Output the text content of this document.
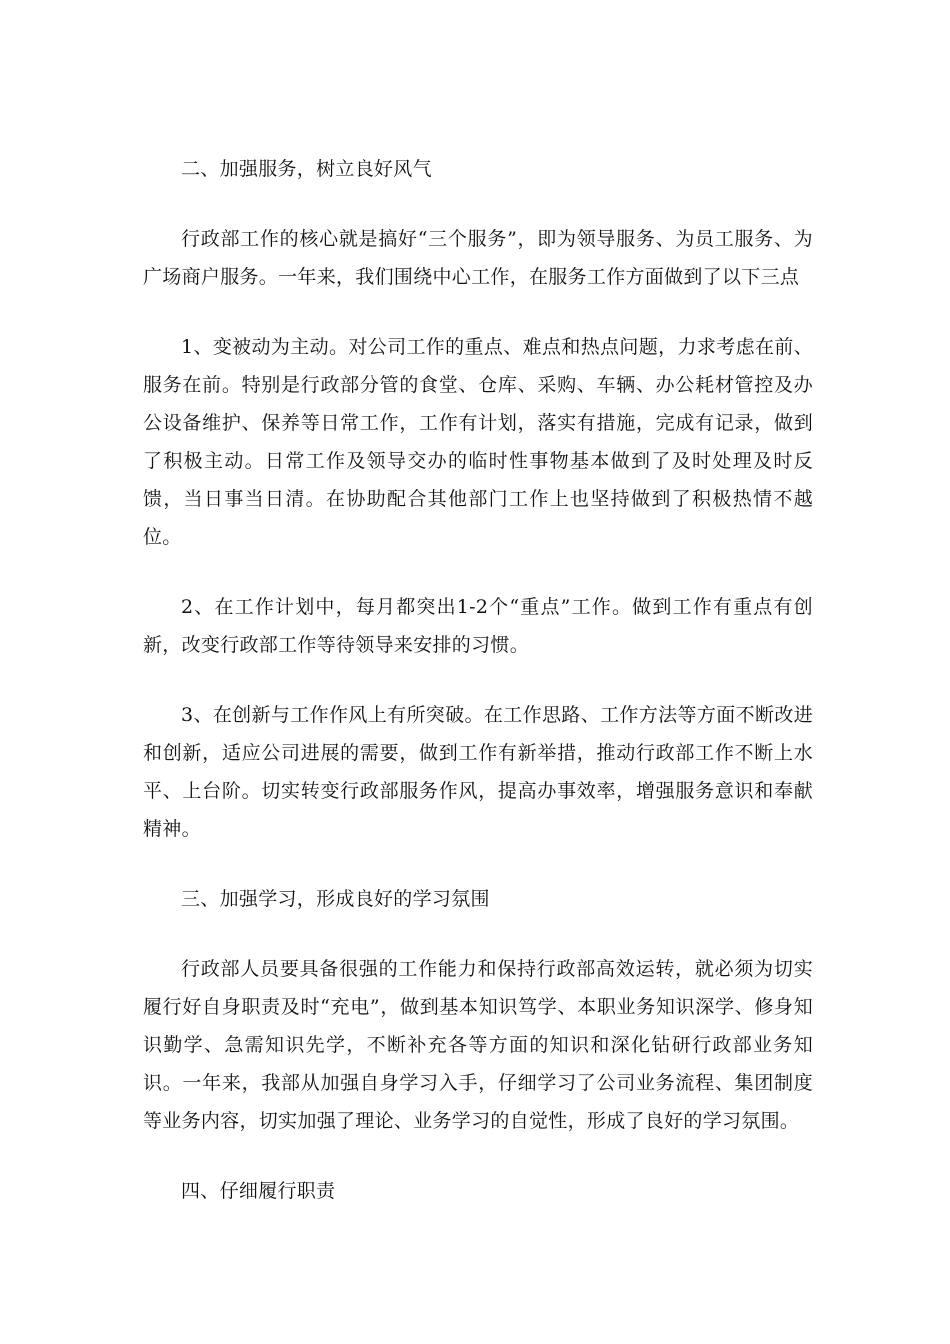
二、加强服务，树立良好风气

行政部工作的核心就是搞好“三个服务”，即为领导服务、为员工服务、为广场商户服务。一年来，我们围绕中心工作，在服务工作方面做到了以下三点

1、变被动为主动。对公司工作的重点、难点和热点问题，力求考虑在前、服务在前。特别是行政部分管的食堂、仓库、采购、车辆、办公耗材管控及办公设备维护、保养等日常工作，工作有计划，落实有措施，完成有记录，做到了积极主动。日常工作及领导交办的临时性事物基本做到了及时处理及时反馈，当日事当日清。在协助配合其他部门工作上也坚持做到了积极热情不越位。

2、在工作计划中，每月都突出1-2个“重点”工作。做到工作有重点有创新，改变行政部工作等待领导来安排的习惯。

3、在创新与工作作风上有所突破。在工作思路、工作方法等方面不断改进和创新，适应公司进展的需要，做到工作有新举措，推动行政部工作不断上水平、上台阶。切实转变行政部服务作风，提高办事效率，增强服务意识和奉献精神。

三、加强学习，形成良好的学习氛围

行政部人员要具备很强的工作能力和保持行政部高效运转，就必须为切实履行好自身职责及时“充电”，做到基本知识笃学、本职业务知识深学、修身知识勤学、急需知识先学，不断补充各等方面的知识和深化钻研行政部业务知识。一年来，我部从加强自身学习入手，仔细学习了公司业务流程、集团制度等业务内容，切实加强了理论、业务学习的自觉性，形成了良好的学习氛围。

四、仔细履行职责
